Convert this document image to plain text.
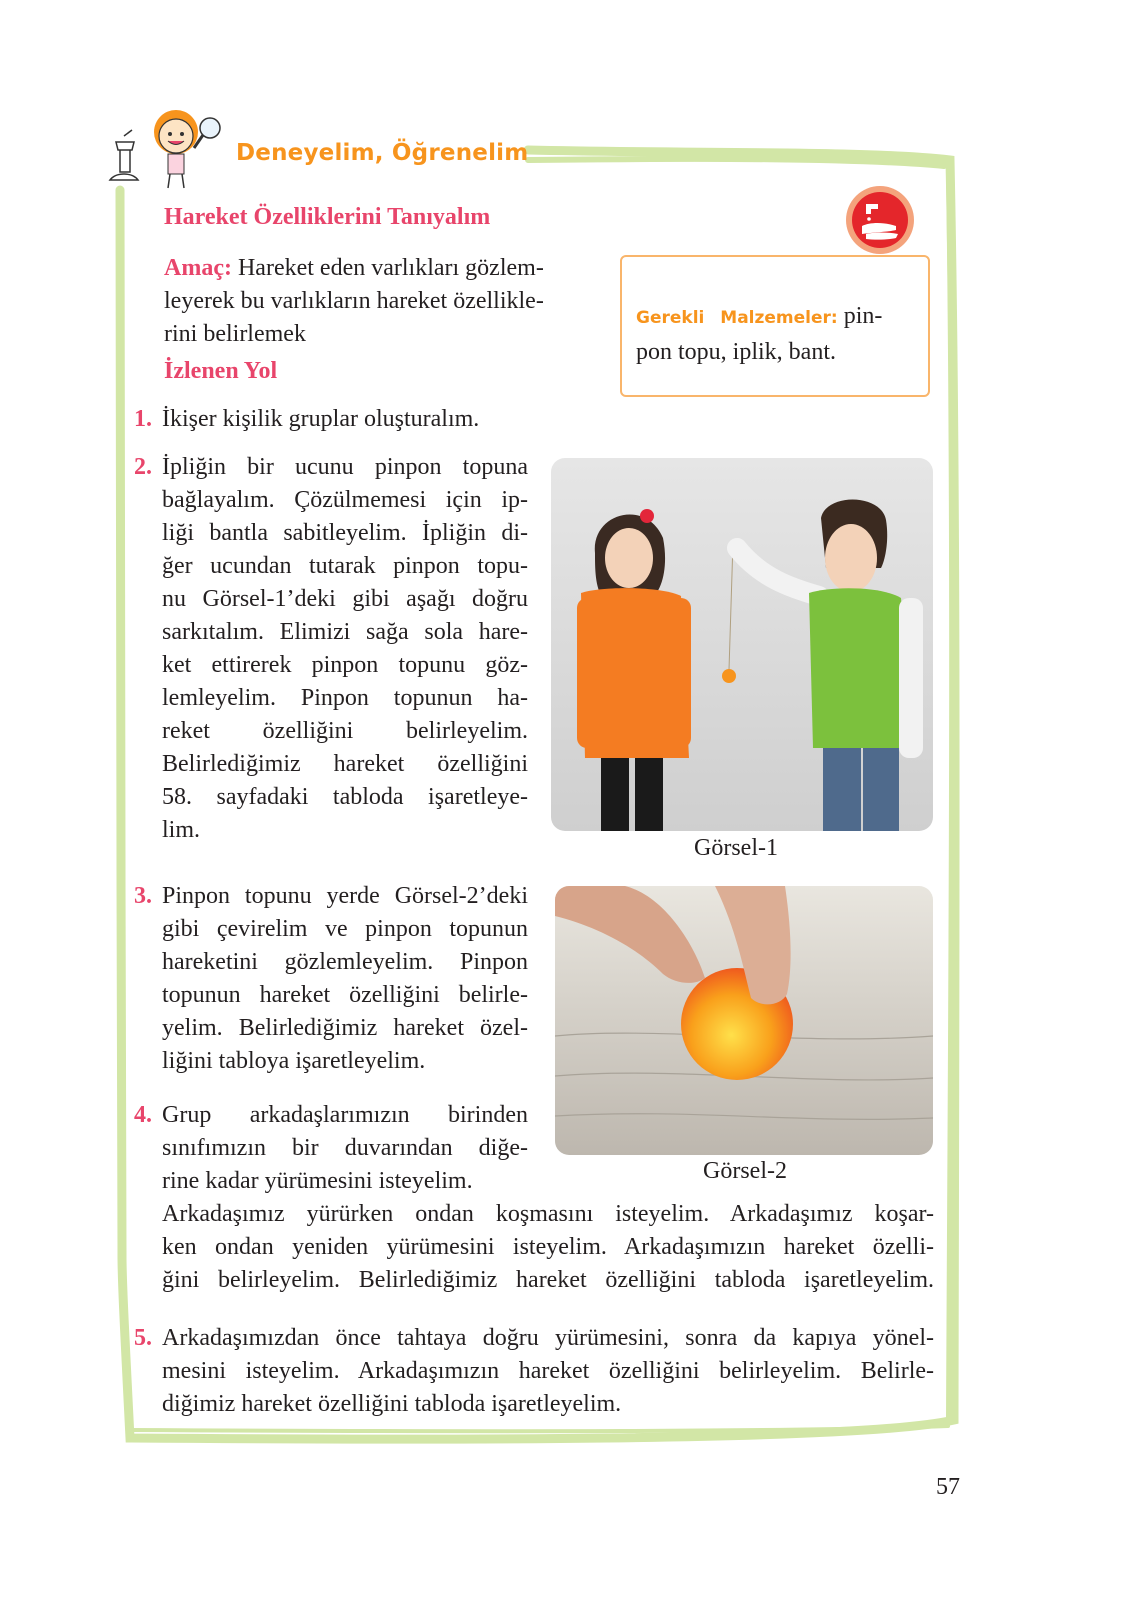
Deneyelim, Öğrenelim
Hareket Özelliklerini Tanıyalım
Amaç: Hareket eden varlıkları gözlem-
leyerek bu varlıkların hareket özellikle-
rini belirlemek
İzlenen Yol
Gerekli Malzemeler: pin-
pon topu, iplik, bant.
1. İkişer kişilik gruplar oluşturalım.
2. İpliğin bir ucunu pinpon topuna
bağlayalım. Çözülmemesi için ip-
liği bantla sabitleyelim. İpliğin di-
ğer ucundan tutarak pinpon topu-
nu Görsel-1’deki gibi aşağı doğru
sarkıtalım. Elimizi sağa sola hare-
ket ettirerek pinpon topunu göz-
lemleyelim. Pinpon topunun ha-
reket özelliğini belirleyelim.
Belirlediğimiz hareket özelliğini
58. sayfadaki tabloda işaretleye-
lim.
Görsel-1
3. Pinpon topunu yerde Görsel-2’deki
gibi çevirelim ve pinpon topunun
hareketini gözlemleyelim. Pinpon
topunun hareket özelliğini belirle-
yelim. Belirlediğimiz hareket özel-
liğini tabloya işaretleyelim.
Görsel-2
4. Grup arkadaşlarımızın birinden
sınıfımızın bir duvarından diğe-
rine kadar yürümesini isteyelim.
Arkadaşımız yürürken ondan koşmasını isteyelim. Arkadaşımız koşar-
ken ondan yeniden yürümesini isteyelim. Arkadaşımızın hareket özelli-
ğini belirleyelim. Belirlediğimiz hareket özelliğini tabloda işaretleyelim.
5. Arkadaşımızdan önce tahtaya doğru yürümesini, sonra da kapıya yönel-
mesini isteyelim. Arkadaşımızın hareket özelliğini belirleyelim. Belirle-
diğimiz hareket özelliğini tabloda işaretleyelim.
57
